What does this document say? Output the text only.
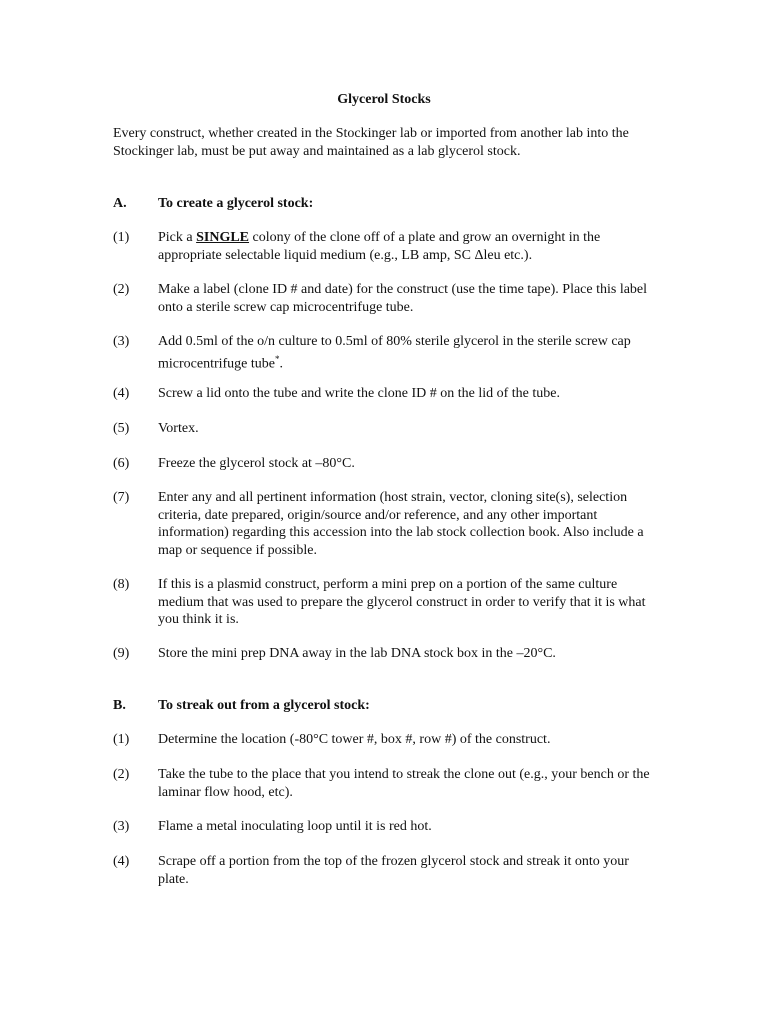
Glycerol Stocks
Every construct, whether created in the Stockinger lab or imported from another lab into the Stockinger lab, must be put away and maintained as a lab glycerol stock.
A. To create a glycerol stock:
(1)	Pick a SINGLE colony of the clone off of a plate and grow an overnight in the appropriate selectable liquid medium (e.g., LB amp, SC Δleu etc.).
(2)	Make a label (clone ID # and date) for the construct (use the time tape). Place this label onto a sterile screw cap microcentrifuge tube.
(3)	Add 0.5ml of the o/n culture to 0.5ml of 80% sterile glycerol in the sterile screw cap microcentrifuge tube*.
(4)	Screw a lid onto the tube and write the clone ID # on the lid of the tube.
(5)	Vortex.
(6)	Freeze the glycerol stock at –80°C.
(7)	Enter any and all pertinent information (host strain, vector, cloning site(s), selection criteria, date prepared, origin/source and/or reference, and any other important information) regarding this accession into the lab stock collection book. Also include a map or sequence if possible.
(8)	If this is a plasmid construct, perform a mini prep on a portion of the same culture medium that was used to prepare the glycerol construct in order to verify that it is what you think it is.
(9)	Store the mini prep DNA away in the lab DNA stock box in the –20°C.
B. To streak out from a glycerol stock:
(1)	Determine the location (-80°C tower #, box #, row #) of the construct.
(2)	Take the tube to the place that you intend to streak the clone out (e.g., your bench or the laminar flow hood, etc).
(3)	Flame a metal inoculating loop until it is red hot.
(4)	Scrape off a portion from the top of the frozen glycerol stock and streak it onto your plate.
